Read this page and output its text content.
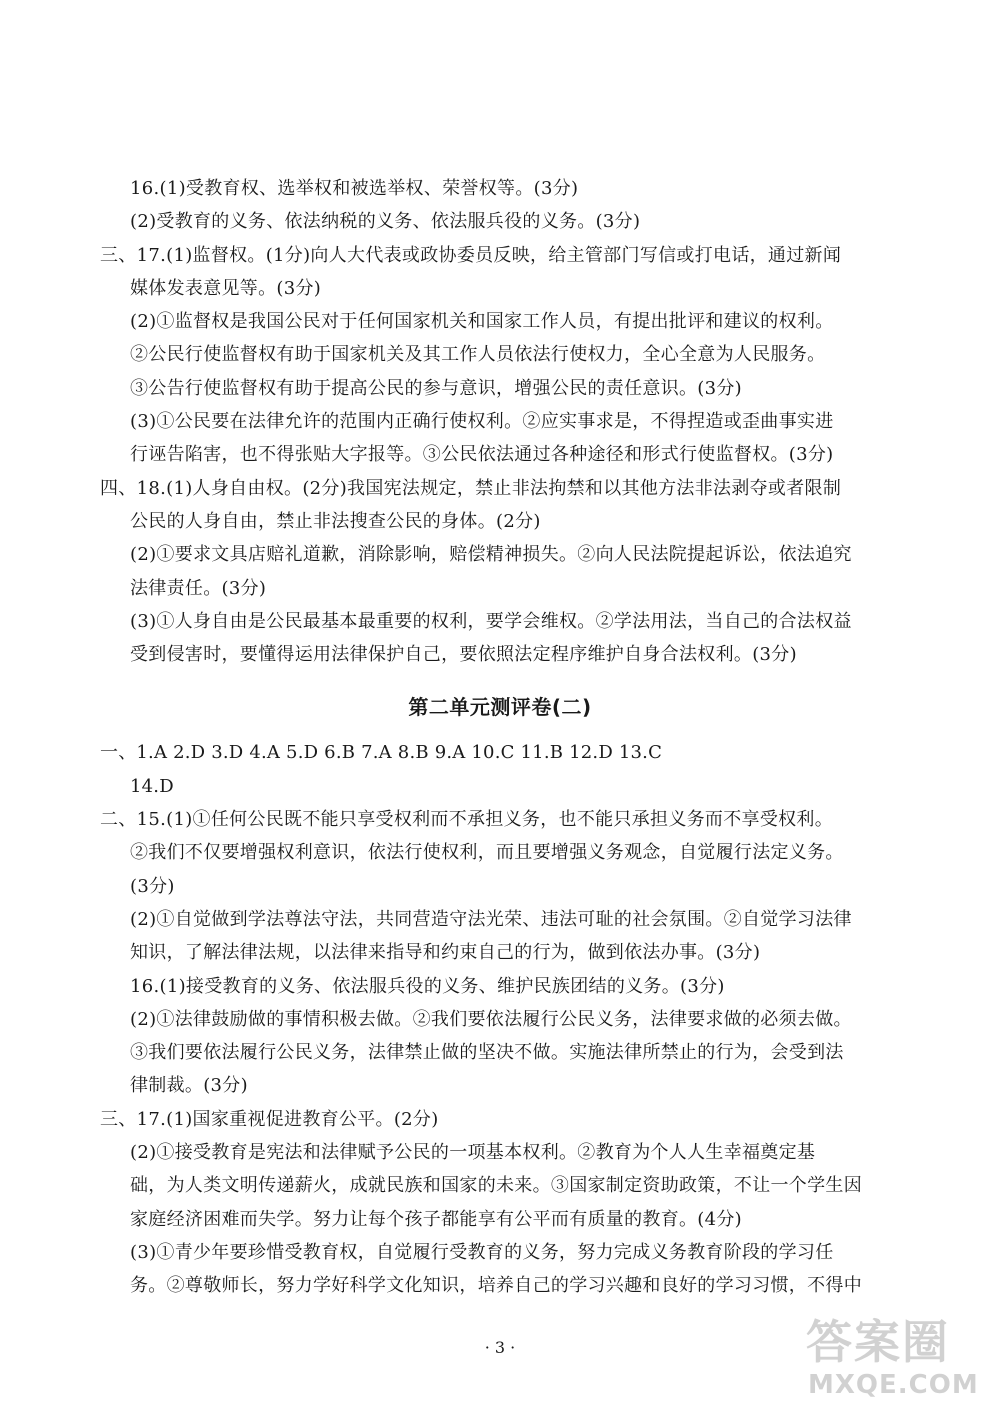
16.(1)受教育权、选举权和被选举权、荣誉权等。(3分)
(2)受教育的义务、依法纳税的义务、依法服兵役的义务。(3分)
三、17.(1)监督权。(1分)向人大代表或政协委员反映，给主管部门写信或打电话，通过新闻
媒体发表意见等。(3分)
(2)①监督权是我国公民对于任何国家机关和国家工作人员，有提出批评和建议的权利。
②公民行使监督权有助于国家机关及其工作人员依法行使权力，全心全意为人民服务。
③公告行使监督权有助于提高公民的参与意识，增强公民的责任意识。(3分)
(3)①公民要在法律允许的范围内正确行使权利。②应实事求是，不得捏造或歪曲事实进
行诬告陷害，也不得张贴大字报等。③公民依法通过各种途径和形式行使监督权。(3分)
四、18.(1)人身自由权。(2分)我国宪法规定，禁止非法拘禁和以其他方法非法剥夺或者限制
公民的人身自由，禁止非法搜查公民的身体。(2分)
(2)①要求文具店赔礼道歉，消除影响，赔偿精神损失。②向人民法院提起诉讼，依法追究
法律责任。(3分)
(3)①人身自由是公民最基本最重要的权利，要学会维权。②学法用法，当自己的合法权益
受到侵害时，要懂得运用法律保护自己，要依照法定程序维护自身合法权利。(3分)
第二单元测评卷(二)
一、1.A 2.D 3.D 4.A 5.D 6.B 7.A 8.B 9.A 10.C 11.B 12.D 13.C
14.D
二、15.(1)①任何公民既不能只享受权利而不承担义务，也不能只承担义务而不享受权利。
②我们不仅要增强权利意识，依法行使权利，而且要增强义务观念，自觉履行法定义务。
(3分)
(2)①自觉做到学法尊法守法，共同营造守法光荣、违法可耻的社会氛围。②自觉学习法律
知识，了解法律法规，以法律来指导和约束自己的行为，做到依法办事。(3分)
16.(1)接受教育的义务、依法服兵役的义务、维护民族团结的义务。(3分)
(2)①法律鼓励做的事情积极去做。②我们要依法履行公民义务，法律要求做的必须去做。
③我们要依法履行公民义务，法律禁止做的坚决不做。实施法律所禁止的行为，会受到法
律制裁。(3分)
三、17.(1)国家重视促进教育公平。(2分)
(2)①接受教育是宪法和法律赋予公民的一项基本权利。②教育为个人人生幸福奠定基
础，为人类文明传递薪火，成就民族和国家的未来。③国家制定资助政策，不让一个学生因
家庭经济困难而失学。努力让每个孩子都能享有公平而有质量的教育。(4分)
(3)①青少年要珍惜受教育权，自觉履行受教育的义务，努力完成义务教育阶段的学习任
务。②尊敬师长，努力学好科学文化知识，培养自己的学习兴趣和良好的学习习惯，不得中
· 3 ·	答案圈
MXQE.COM
